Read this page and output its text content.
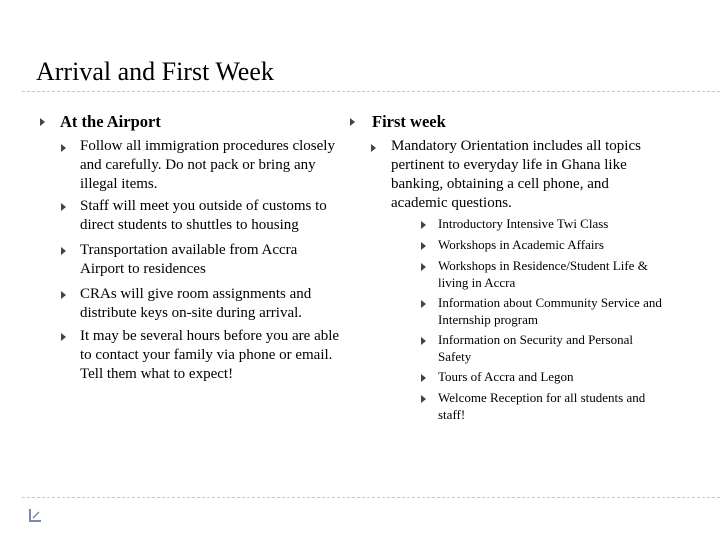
Arrival and First Week
At the Airport
Follow all immigration procedures closely and carefully. Do not pack or bring any illegal items.
Staff will meet you outside of customs to direct students to shuttles to housing
Transportation available from Accra Airport to residences
CRAs will give room assignments and distribute keys on-site during arrival.
It may be several hours before you are able to contact your family via phone or email. Tell them what to expect!
First week
Mandatory Orientation includes all topics pertinent to everyday life in Ghana like banking, obtaining a cell phone, and academic questions.
Introductory Intensive Twi Class
Workshops in Academic Affairs
Workshops in Residence/Student Life & living in Accra
Information about Community Service and Internship program
Information on Security and Personal Safety
Tours of Accra and Legon
Welcome Reception for all students and staff!
